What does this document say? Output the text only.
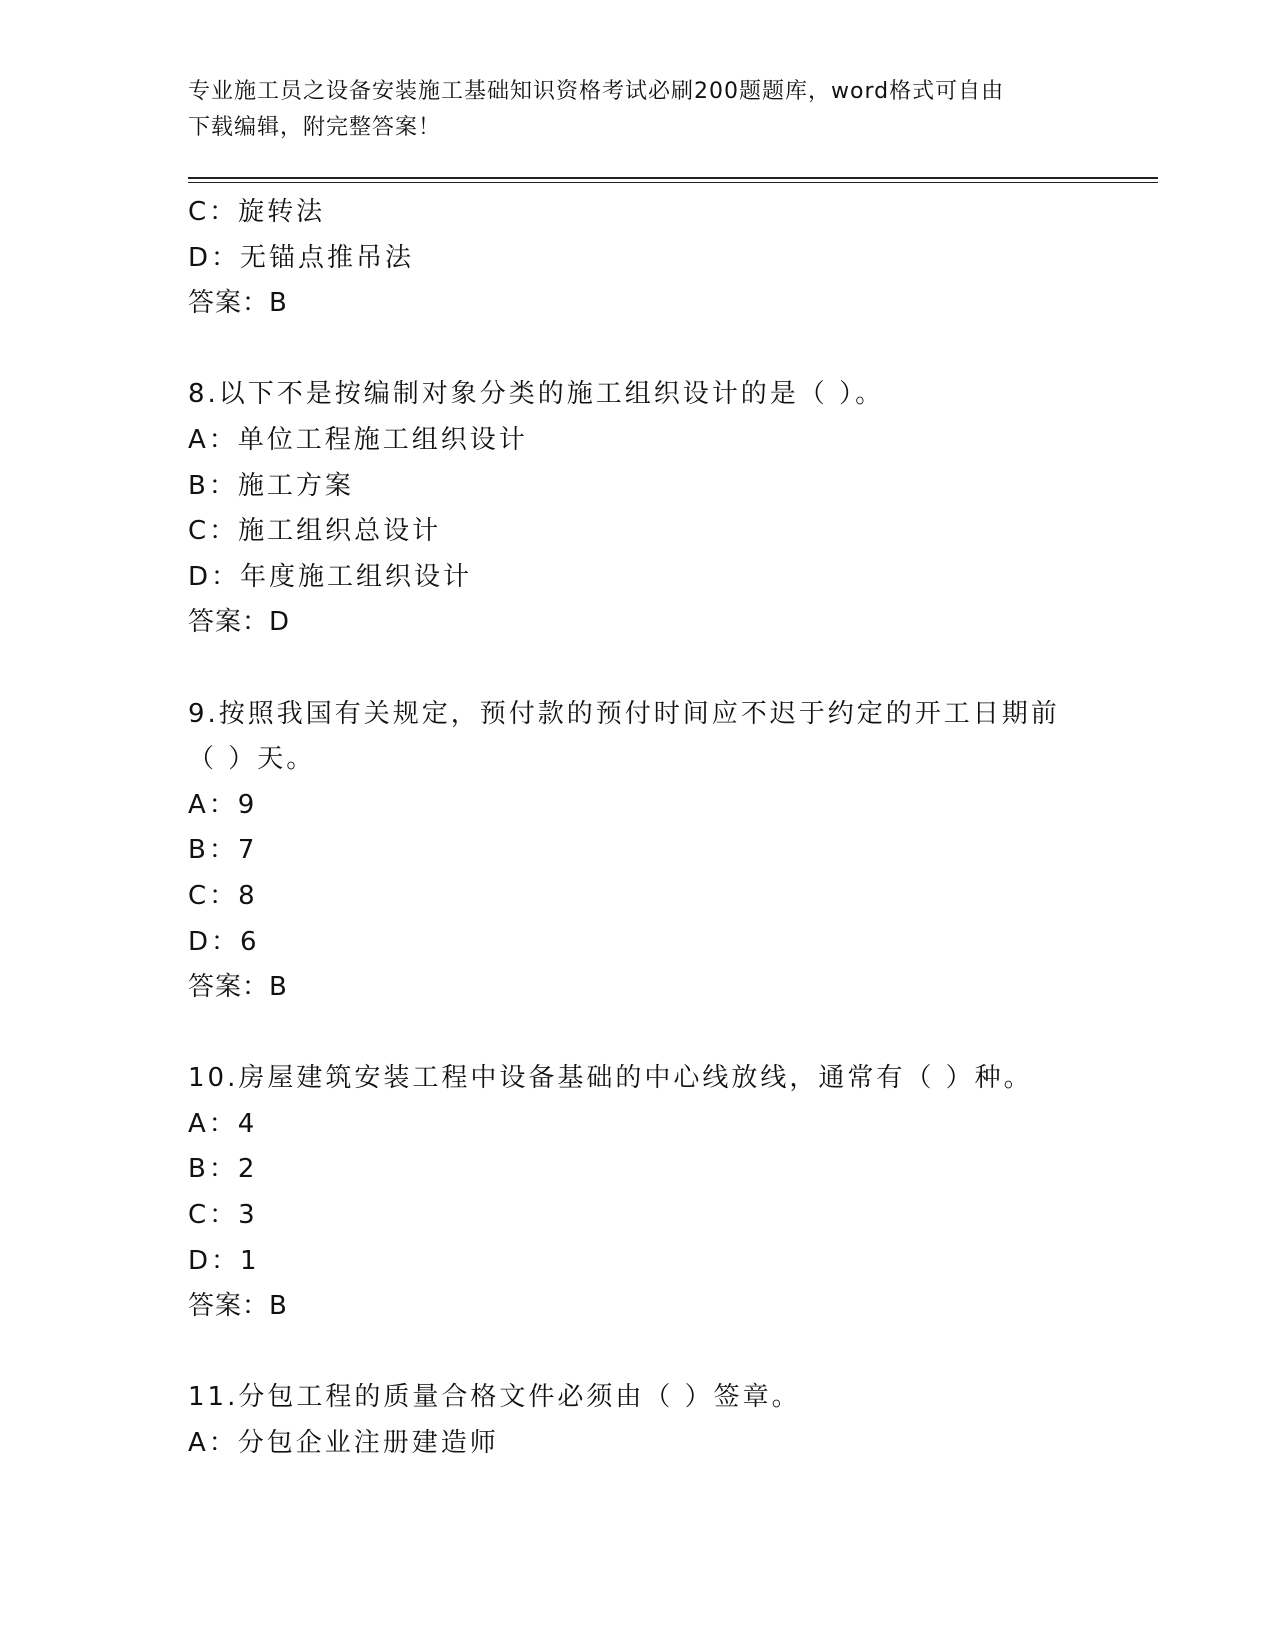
专业施工员之设备安装施工基础知识资格考试必刷200题题库，word格式可自由
下载编辑，附完整答案！
C：旋转法
D：无锚点推吊法
答案：B
8.以下不是按编制对象分类的施工组织设计的是（ ）。
A：单位工程施工组织设计
B：施工方案
C：施工组织总设计
D：年度施工组织设计
答案：D
9.按照我国有关规定，预付款的预付时间应不迟于约定的开工日期前
（ ）天。
A：9
B：7
C：8
D：6
答案：B
10.房屋建筑安装工程中设备基础的中心线放线，通常有（ ）种。
A：4
B：2
C：3
D：1
答案：B
11.分包工程的质量合格文件必须由（ ）签章。
A：分包企业注册建造师
